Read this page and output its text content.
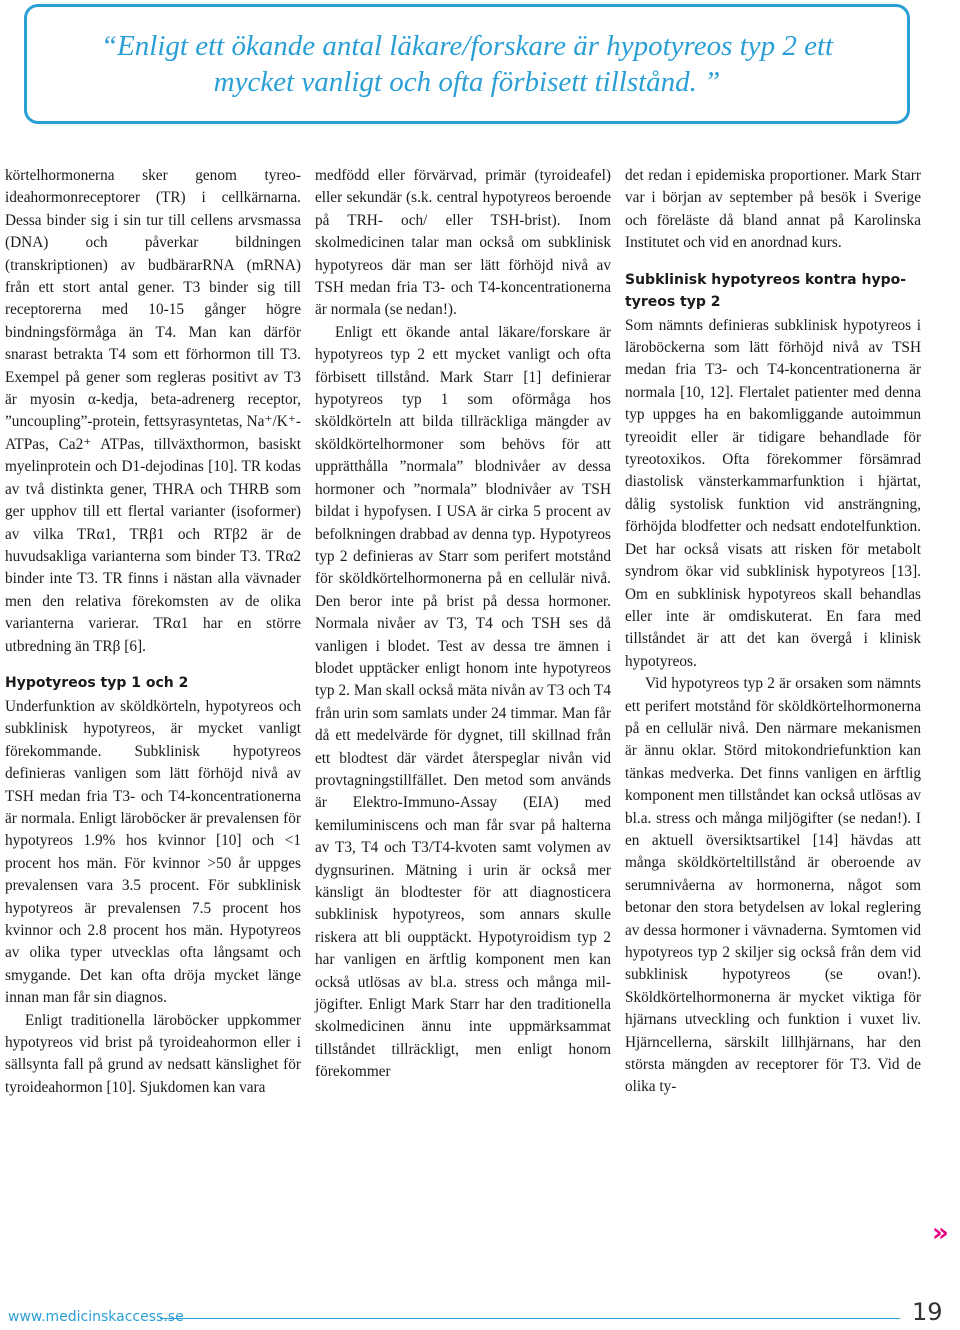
“Enligt ett ökande antal läkare/forskare är hypotyreos typ 2 ett
mycket vanligt och ofta förbisett tillstånd. ”

körtelhormonerna sker genom tyreoideahormonreceptorer (TR) i cellkärnarna. Dessa binder sig i sin tur till cellens arvsmassa (DNA) och påverkar bildningen (transkriptionen) av budbärarRNA (mRNA) från ett stort antal gener. T3 binder sig till receptorerna med 10-15 gånger högre bindningsförmåga än T4. Man kan därför snarast betrakta T4 som ett förhormon till T3. Exempel på gener som regleras positivt av T3 är myosin α-kedja, beta-adrenerg receptor, ”uncoupling”-protein, fettsyrasyntetas, Na⁺/K⁺-ATPas, Ca2⁺ ATPas, tillväxthormon, basiskt myelinprotein och D1-dejodinas [10]. TR kodas av två distinkta gener, THRA och THRB som ger upphov till ett flertal varianter (isoformer) av vilka TRα1, TRβ1 och RTβ2 är de huvudsakliga varianterna som binder T3. TRα2 binder inte T3. TR finns i nästan alla vävnader men den relativa förekomsten av de olika varianterna varierar. TRα1 har en större utbredning än TRβ [6].

Hypotyreos typ 1 och 2

Underfunktion av sköldkörteln, hypotyreos och subklinisk hypotyreos, är mycket vanligt förekommande. Subklinisk hypotyreos definieras vanligen som lätt förhöjd nivå av TSH medan fria T3- och T4-koncentrationerna är normala. Enligt läroböcker är prevalensen för hypotyreos 1.9% hos kvinnor [10] och <1 procent hos män. För kvinnor >50 år uppges prevalensen vara 3.5 procent. För subklinisk hypotyreos är prevalensen 7.5 procent hos kvinnor och 2.8 procent hos män. Hypotyreos av olika typer utvecklas ofta långsamt och smygande. Det kan ofta dröja mycket länge innan man får sin diagnos.

Enligt traditionella läroböcker uppkommer hypotyreos vid brist på tyroideahormon eller i sällsynta fall på grund av nedsatt känslighet för tyroideahormon [10]. Sjukdomen kan vara

medfödd eller förvärvad, primär (tyroideafel) eller sekundär (s.k. central hypotyreos beroende på TRH- och/ eller TSH-brist). Inom skolmedicinen talar man också om subklinisk hypotyreos där man ser lätt förhöjd nivå av TSH medan fria T3- och T4-koncentrationerna är normala (se nedan!).

Enligt ett ökande antal läkare/forskare är hypotyreos typ 2 ett mycket vanligt och ofta förbisett tillstånd. Mark Starr [1] definierar hypotyreos typ 1 som oförmåga hos sköldkörteln att bilda tillräckliga mängder av sköldkörtelhormoner som behövs för att upprätthålla ”normala” blodnivåer av dessa hormoner och ”normala” blodnivåer av TSH bildat i hypofysen. I USA är cirka 5 procent av befolkningen drabbad av denna typ. Hypotyreos typ 2 definieras av Starr som perifert motstånd för sköldkörtelhormonerna på en cellulär nivå. Den beror inte på brist på dessa hormoner. Normala nivåer av T3, T4 och TSH ses då vanligen i blodet. Test av dessa tre ämnen i blodet upptäcker enligt honom inte hypotyreos typ 2. Man skall också mäta nivån av T3 och T4 från urin som samlats under 24 timmar. Man får då ett medelvärde för dygnet, till skillnad från ett blodtest där värdet återspeglar nivån vid provtagningstillfället. Den metod som används är Elektro-Immuno-Assay (EIA) med kemiluminiscens och man får svar på halterna av T3, T4 och T3/T4-kvoten samt volymen av dygnsurinen. Mätning i urin är också mer känsligt än blodtester för att diagnosticera subklinisk hypotyreos, som annars skulle riskera att bli oupptäckt. Hypotyroidism typ 2 har vanligen en ärftlig komponent men kan också utlösas av bl.a. stress och många miljögifter. Enligt Mark Starr har den traditionella skolmedicinen ännu inte uppmärksammat tillståndet tillräckligt, men enligt honom förekommer

det redan i epidemiska proportioner. Mark Starr var i början av september på besök i Sverige och föreläste då bland annat på Karolinska Institutet och vid en anordnad kurs.

Subklinisk hypotyreos kontra hypotyreos typ 2

Som nämnts definieras subklinisk hypotyreos i läroböckerna som lätt förhöjd nivå av TSH medan fria T3- och T4-koncentrationerna är normala [10, 12]. Flertalet patienter med denna typ uppges ha en bakomliggande autoimmun tyreoidit eller är tidigare behandlade för tyreotoxikos. Ofta förekommer försämrad diastolisk vänsterkammarfunktion i hjärtat, dålig systolisk funktion vid ansträngning, förhöjda blodfetter och nedsatt endotelfunktion. Det har också visats att risken för metabolt syndrom ökar vid subklinisk hypotyreos [13]. Om en subklinisk hypotyreos skall behandlas eller inte är omdiskuterat. En fara med tillståndet är att det kan övergå i klinisk hypotyreos.

Vid hypotyreos typ 2 är orsaken som nämnts ett perifert motstånd för sköldkörtelhormonerna på en cellulär nivå. Den närmare mekanismen är ännu oklar. Störd mitokondriefunktion kan tänkas medverka. Det finns vanligen en ärftlig komponent men tillståndet kan också utlösas av bl.a. stress och många miljögifter (se nedan!). I en aktuell översiktsartikel [14] hävdas att många sköldkörteltillstånd är oberoende av serumnivåerna av hormonerna, något som betonar den stora betydelsen av lokal reglering av dessa hormoner i vävnaderna. Symtomen vid hypotyreos typ 2 skiljer sig också från dem vid subklinisk hypotyreos (se ovan!). Sköldkörtelhormonerna är mycket viktiga för hjärnans utveckling och funktion i vuxet liv. Hjärncellerna, särskilt lillhjärnans, har den största mängden av receptorer för T3. Vid de olika ty-

»
www.medicinskaccess.se	19
